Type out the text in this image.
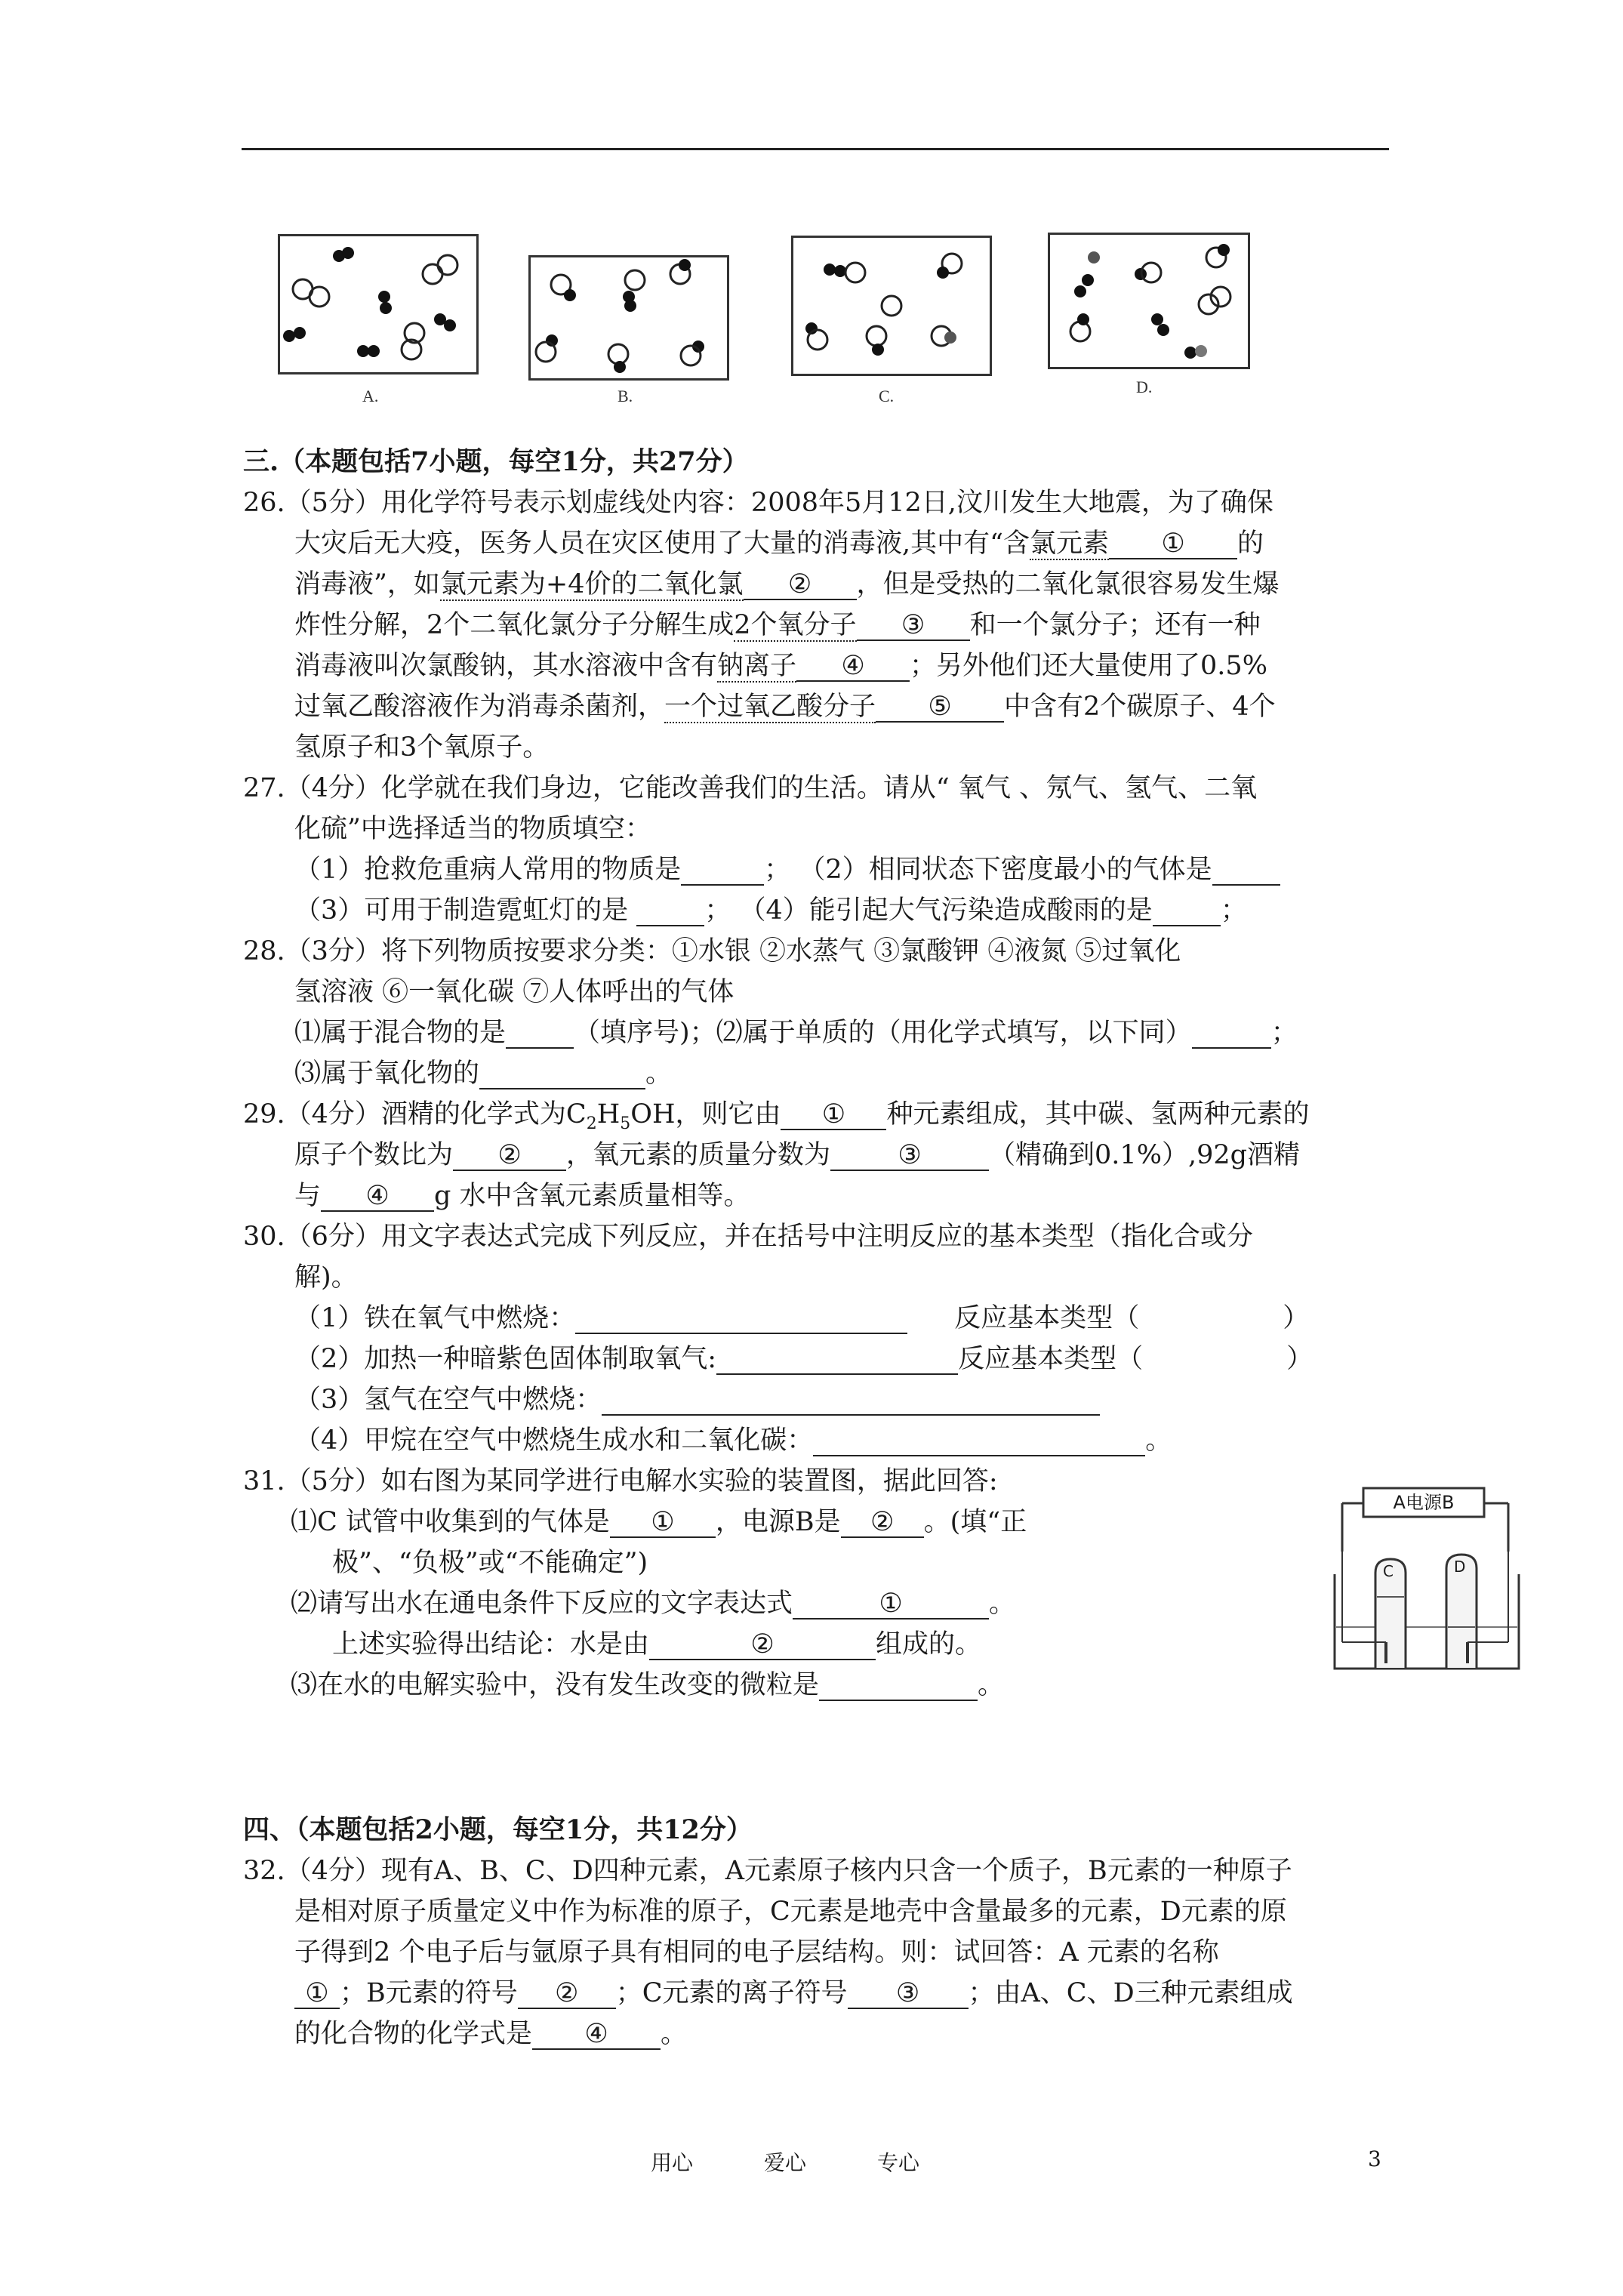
A.	B.	C.	D.
三.（本题包括7小题，每空1分，共27分）
26.（5分）用化学符号表示划虚线处内容：2008年5月12日,汶川发生大地震，为了确保
大灾后无大疫，医务人员在灾区使用了大量的消毒液,其中有“含氯元素 ① 的
消毒液”，如氯元素为+4价的二氧化氯 ② ，但是受热的二氧化氯很容易发生爆
炸性分解，2个二氧化氯分子分解生成2个氧分子 ③ 和一个氯分子；还有一种
消毒液叫次氯酸钠，其水溶液中含有钠离子 ④ ；另外他们还大量使用了0.5%
过氧乙酸溶液作为消毒杀菌剂，一个过氧乙酸分子 ⑤ 中含有2个碳原子、4个
氢原子和3个氧原子。
27.（4分）化学就在我们身边，它能改善我们的生活。请从“ 氧气 、氖气、氢气、二氧
化硫”中选择适当的物质填空：
（1）抢救危重病人常用的物质是	； （2）相同状态下密度最小的气体是
（3）可用于制造霓虹灯的是	； （4）能引起大气污染造成酸雨的是	；
28.（3分）将下列物质按要求分类：①水银 ②水蒸气 ③氯酸钾 ④液氮 ⑤过氧化
氢溶液 ⑥一氧化碳 ⑦人体呼出的气体
⑴属于混合物的是	（填序号)；⑵属于单质的（用化学式填写，以下同）	；
⑶属于氧化物的	。
29.（4分）酒精的化学式为$C_2H_5OH$，则它由 ① 种元素组成，其中碳、氢两种元素的
原子个数比为 ② ，氧元素的质量分数为	③	（精确到0.1%）,92g酒精
与 ④ g 水中含氧元素质量相等。
30.（6分）用文字表达式完成下列反应，并在括号中注明反应的基本类型（指化合或分
解)。
（1）铁在氧气中燃烧：	反应基本类型（	）
（2）加热一种暗紫色固体制取氧气:	反应基本类型（	）
（3）氢气在空气中燃烧：
（4）甲烷在空气中燃烧生成水和二氧化碳：	。
31.（5分）如右图为某同学进行电解水实验的装置图，据此回答:
⑴C 试管中收集到的气体是 ① ，电源B是 ② 。(填“正
极”、“负极”或“不能确定”)
⑵请写出水在通电条件下反应的文字表达式	①	。
上述实验得出结论：水是由	②	组成的。
⑶在水的电解实验中，没有发生改变的微粒是	。
A电源B
C	D
四、（本题包括2小题，每空1分，共12分）
32.（4分）现有A、B、C、D四种元素，A元素原子核内只含一个质子，B元素的一种原子
是相对原子质量定义中作为标准的原子，C元素是地壳中含量最多的元素，D元素的原
子得到2 个电子后与氩原子具有相同的电子层结构。则：试回答：A 元素的名称
① ；B元素的符号 ② ；C元素的离子符号 ③ ；由A、C、D三种元素组成
的化合物的化学式是 ④ 。
用心	爱心	专心	3
